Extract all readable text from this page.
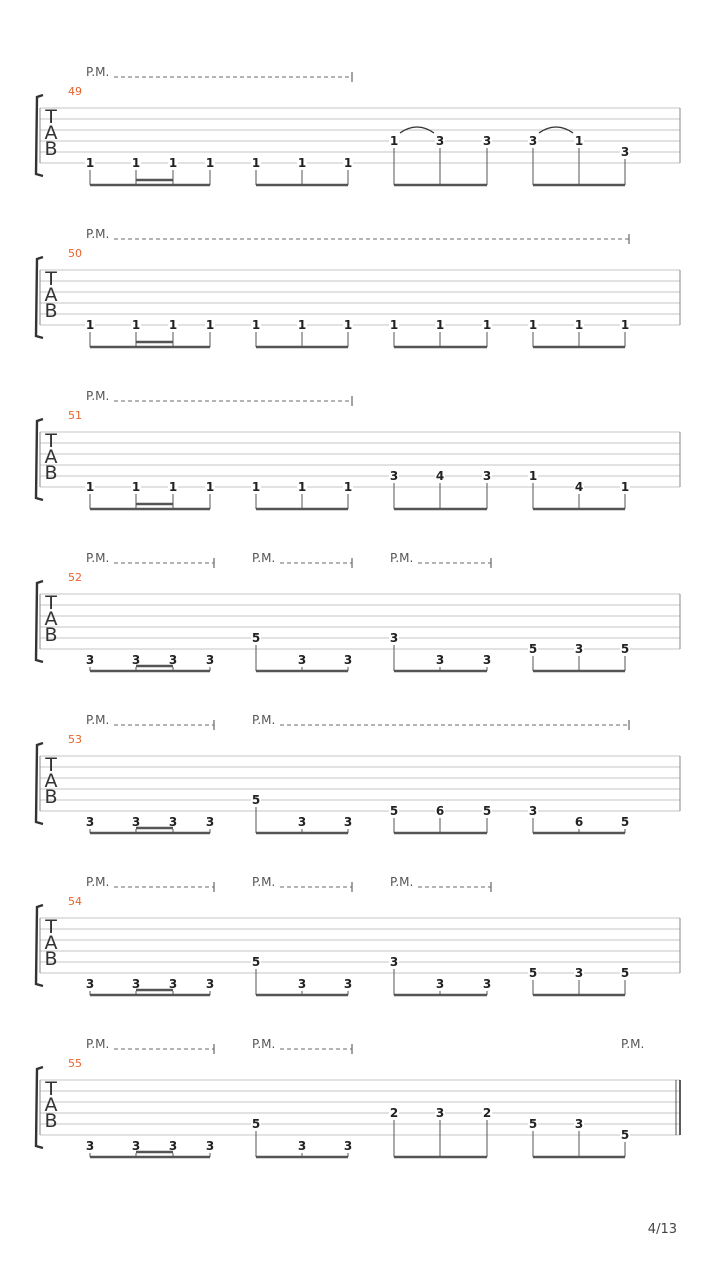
P.M.
49
T
A
B
1	1 1 1	1	1	1
1	3	3	3	1
3
P.M.
50
T
A
B
1	1 1 1	1	1	1	1	1	1	1	1	1
P.M.
51
T
A
B
1	1 1 1	1	1	1
3	4	3	1
4	1
P.M.	P.M.	P.M.
52
T
A
B
3	3 3 3
5
3	3
3
3	3
5	3	5
P.M.	P.M.
53
T
A
B
3	3 3 3
5
3	3
5	6	5	3
6	5
P.M.	P.M.	P.M.
54
T
A
B
3	3 3 3
5
3	3
3
3	3
5	3	5
P.M.	P.M.	P.M.
55
T
A
B
3	3 3 3
5
3	3
2	3	2
5	3
5
4/13
